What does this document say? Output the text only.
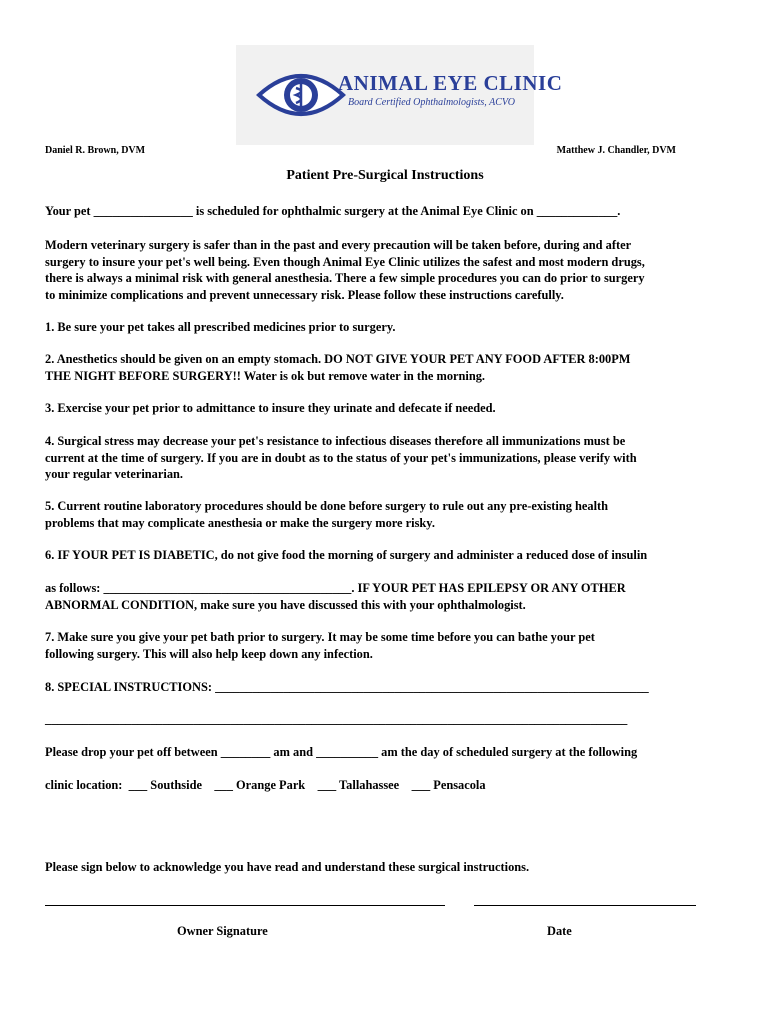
ANIMAL EYE CLINIC
Board Certified Ophthalmologists, ACVO
Daniel R. Brown, DVM	Matthew J. Chandler, DVM
Patient Pre-Surgical Instructions
Your pet ________________ is scheduled for ophthalmic surgery at the Animal Eye Clinic on _____________.
Modern veterinary surgery is safer than in the past and every precaution will be taken before, during and after
surgery to insure your pet's well being. Even though Animal Eye Clinic utilizes the safest and most modern drugs,
there is always a minimal risk with general anesthesia. There a few simple procedures you can do prior to surgery
to minimize complications and prevent unnecessary risk. Please follow these instructions carefully.
1. Be sure your pet takes all prescribed medicines prior to surgery.
2. Anesthetics should be given on an empty stomach. DO NOT GIVE YOUR PET ANY FOOD AFTER 8:00PM
THE NIGHT BEFORE SURGERY!! Water is ok but remove water in the morning.
3. Exercise your pet prior to admittance to insure they urinate and defecate if needed.
4. Surgical stress may decrease your pet's resistance to infectious diseases therefore all immunizations must be
current at the time of surgery. If you are in doubt as to the status of your pet's immunizations, please verify with
your regular veterinarian.
5. Current routine laboratory procedures should be done before surgery to rule out any pre-existing health
problems that may complicate anesthesia or make the surgery more risky.
6. IF YOUR PET IS DIABETIC, do not give food the morning of surgery and administer a reduced dose of insulin
as follows: ________________________________________. IF YOUR PET HAS EPILEPSY OR ANY OTHER
ABNORMAL CONDITION, make sure you have discussed this with your ophthalmologist.
7. Make sure you give your pet bath prior to surgery. It may be some time before you can bathe your pet
following surgery. This will also help keep down any infection.
8. SPECIAL INSTRUCTIONS: ______________________________________________________________________
______________________________________________________________________________________________
Please drop your pet off between ________ am and __________ am the day of scheduled surgery at the following
clinic location:  ___ Southside    ___ Orange Park    ___ Tallahassee    ___ Pensacola
Please sign below to acknowledge you have read and understand these surgical instructions.
Owner Signature	Date
